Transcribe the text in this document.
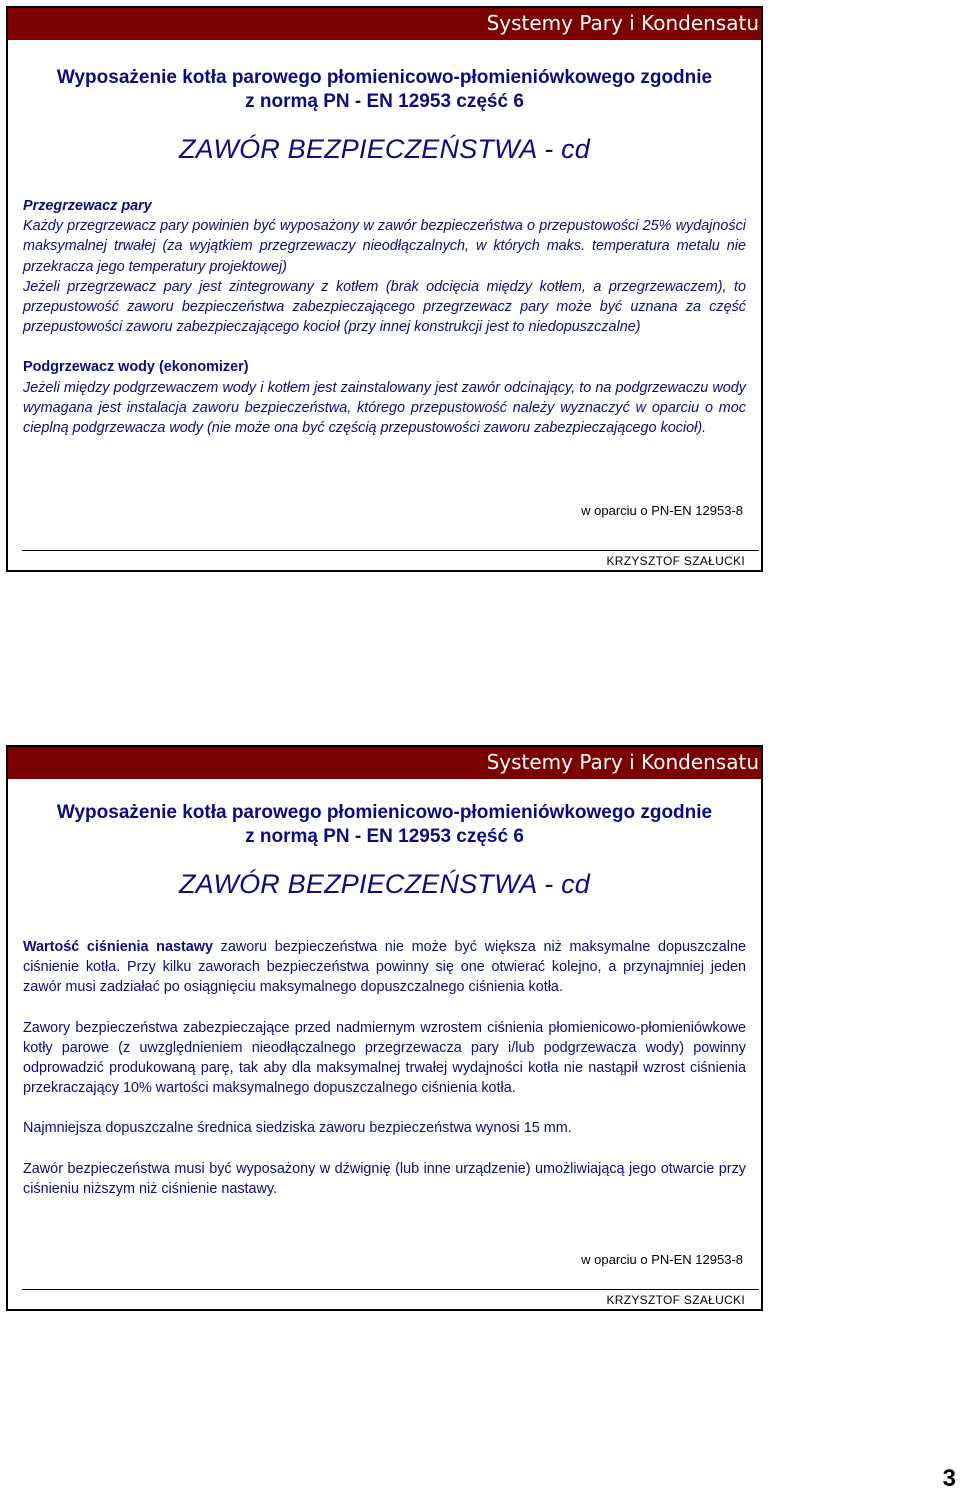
Systemy Pary i Kondensatu
Wyposażenie kotła parowego płomienicowo-płomieniówkowego zgodnie
z normą PN - EN 12953 część 6
ZAWÓR BEZPIECZEŃSTWA - cd

Przegrzewacz pary

Każdy przegrzewacz pary powinien być wyposażony w zawór bezpieczeństwa o przepustowości 25% wydajności maksymalnej trwałej (za wyjątkiem przegrzewaczy nieodłączalnych, w których maks. temperatura metalu nie przekracza jego temperatury projektowej)

Jeżeli przegrzewacz pary jest zintegrowany z kotłem (brak odcięcia między kotłem, a przegrzewaczem), to przepustowość zaworu bezpieczeństwa zabezpieczającego przegrzewacz pary może być uznana za część przepustowości zaworu zabezpieczającego kocioł (przy innej konstrukcji jest to niedopuszczalne)

Podgrzewacz wody (ekonomizer)

Jeżeli między podgrzewaczem wody i kotłem jest zainstalowany jest zawór odcinający, to na podgrzewaczu wody wymagana jest instalacja zaworu bezpieczeństwa, którego przepustowość należy wyznaczyć w oparciu o moc cieplną podgrzewacza wody (nie może ona być częścią przepustowości zaworu zabezpieczającego kocioł).

w oparciu o PN-EN 12953-8
KRZYSZTOF SZAŁUCKI
Systemy Pary i Kondensatu
Wyposażenie kotła parowego płomienicowo-płomieniówkowego zgodnie
z normą PN - EN 12953 część 6
ZAWÓR BEZPIECZEŃSTWA - cd

Wartość ciśnienia nastawy zaworu bezpieczeństwa nie może być większa niż maksymalne dopuszczalne ciśnienie kotła. Przy kilku zaworach bezpieczeństwa powinny się one otwierać kolejno, a przynajmniej jeden zawór musi zadziałać po osiągnięciu maksymalnego dopuszczalnego ciśnienia kotła.

Zawory bezpieczeństwa zabezpieczające przed nadmiernym wzrostem ciśnienia płomienicowo-płomieniówkowe kotły parowe (z uwzględnieniem nieodłączalnego przegrzewacza pary i/lub podgrzewacza wody) powinny odprowadzić produkowaną parę, tak aby dla maksymalnej trwałej wydajności kotła nie nastąpił wzrost ciśnienia przekraczający 10% wartości maksymalnego dopuszczalnego ciśnienia kotła.

Najmniejsza dopuszczalne średnica siedziska zaworu bezpieczeństwa wynosi 15 mm.

Zawór bezpieczeństwa musi być wyposażony w dźwignię (lub inne urządzenie) umożliwiającą jego otwarcie przy ciśnieniu niższym niż ciśnienie nastawy.

w oparciu o PN-EN 12953-8
KRZYSZTOF SZAŁUCKI
3
